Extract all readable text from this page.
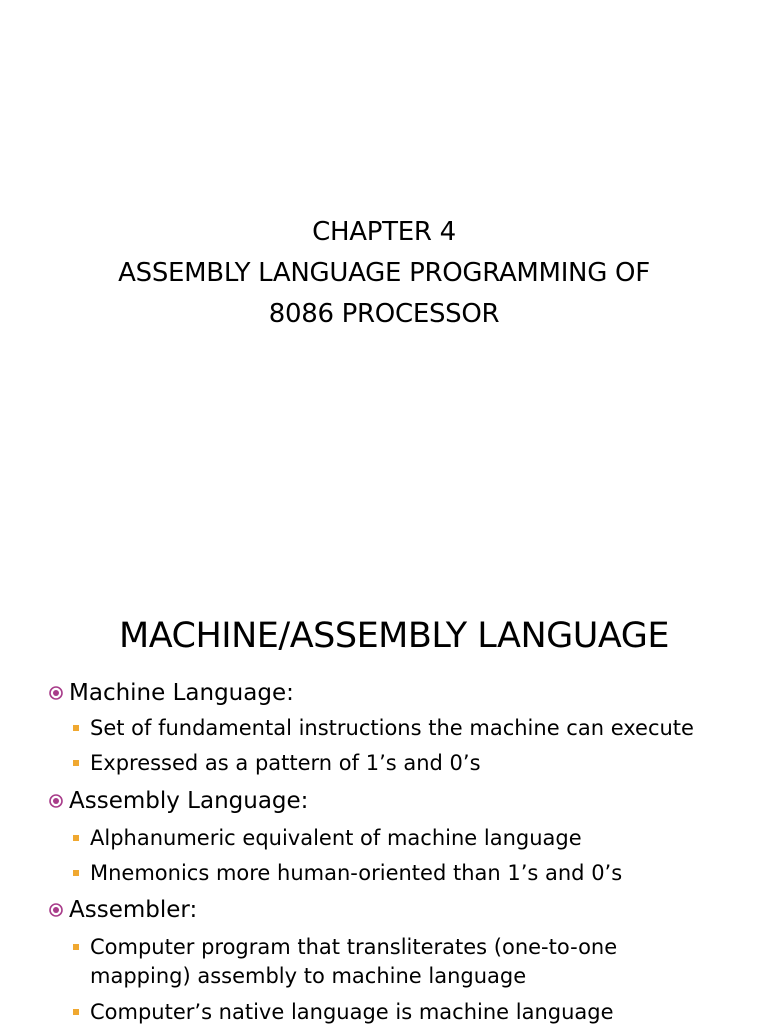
CHAPTER 4
ASSEMBLY LANGUAGE PROGRAMMING OF
8086 PROCESSOR
MACHINE/ASSEMBLY LANGUAGE
Machine Language:
Set of fundamental instructions the machine can execute
Expressed as a pattern of 1’s and 0’s
Assembly Language:
Alphanumeric equivalent of machine language
Mnemonics more human-oriented than 1’s and 0’s
Assembler:
Computer program that transliterates (one-to-one
mapping) assembly to machine language
Computer’s native language is machine language
